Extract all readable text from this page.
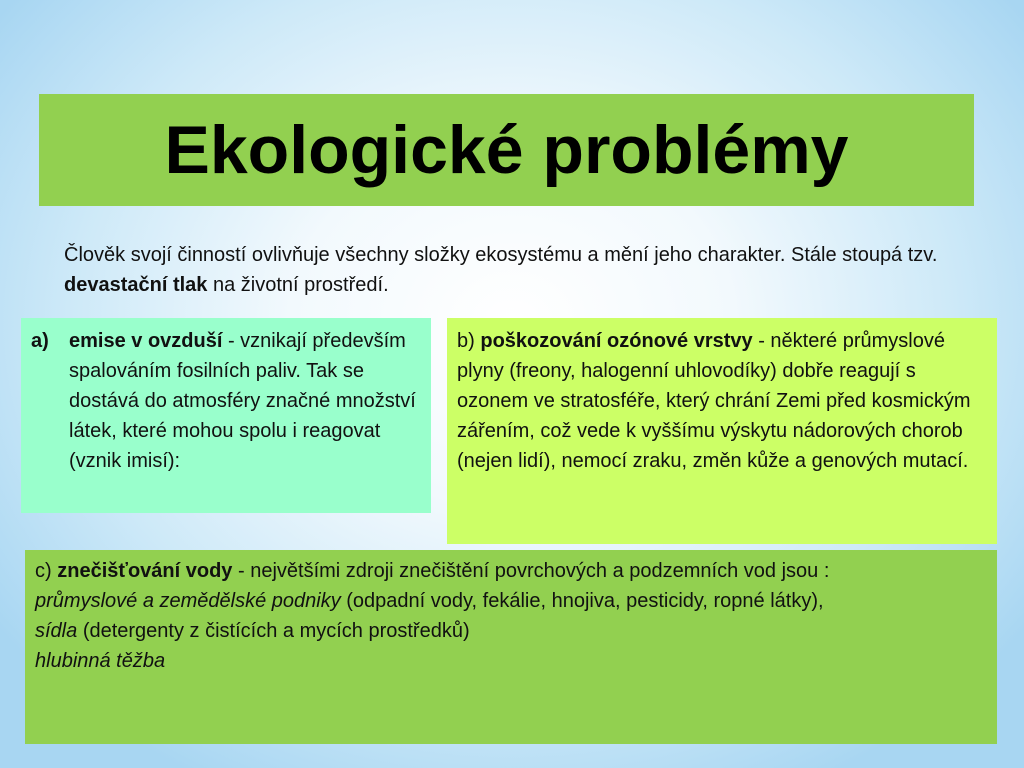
Ekologické problémy
Člověk svojí činností ovlivňuje všechny složky ekosystému a mění jeho charakter. Stále stoupá tzv. devastační tlak na životní prostředí.
a)	emise v ovzduší - vznikají především spalováním fosilních paliv. Tak se dostává do atmosféry značné množství látek, které mohou spolu i reagovat (vznik imisí):
b) poškozování ozónové vrstvy - některé průmyslové plyny (freony, halogenní uhlovodíky) dobře reagují s ozonem ve stratosféře, který chrání Zemi před kosmickým zářením, což vede k vyššímu výskytu nádorových chorob (nejen lidí), nemocí zraku, změn kůže a genových mutací.
c) znečišťování vody - největšími zdroji znečištění povrchových a podzemních vod jsou :
průmyslové a zemědělské podniky (odpadní vody, fekálie, hnojiva, pesticidy, ropné látky),
sídla (detergenty z čistících a mycích prostředků)
hlubinná těžba
